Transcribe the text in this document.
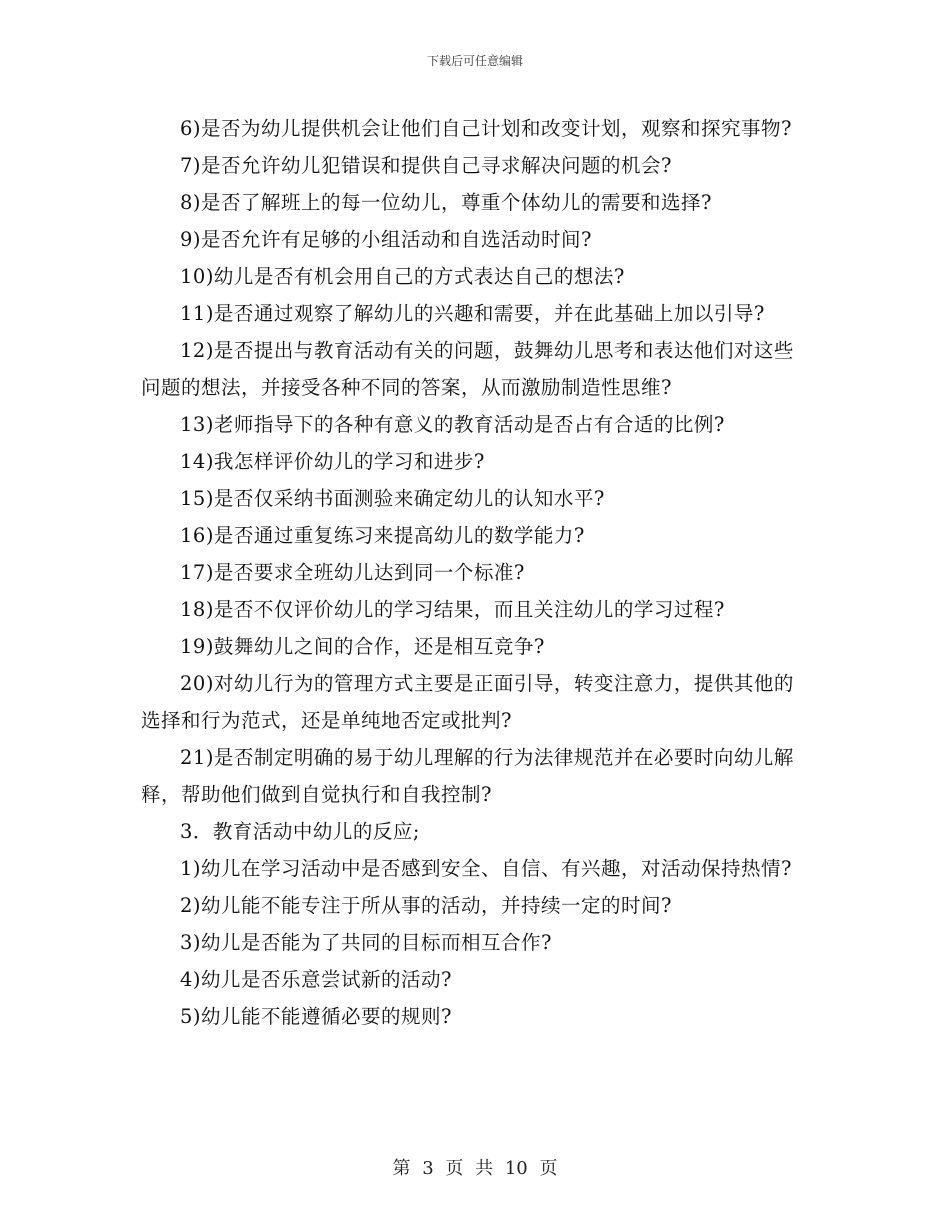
下载后可任意编辑

6)是否为幼儿提供机会让他们自己计划和改变计划，观察和探究事物?

7)是否允许幼儿犯错误和提供自己寻求解决问题的机会?

8)是否了解班上的每一位幼儿，尊重个体幼儿的需要和选择?

9)是否允许有足够的小组活动和自选活动时间?

10)幼儿是否有机会用自己的方式表达自己的想法?

11)是否通过观察了解幼儿的兴趣和需要，并在此基础上加以引导?

12)是否提出与教育活动有关的问题，鼓舞幼儿思考和表达他们对这些问题的想法，并接受各种不同的答案，从而激励制造性思维?

13)老师指导下的各种有意义的教育活动是否占有合适的比例?

14)我怎样评价幼儿的学习和进步?

15)是否仅采纳书面测验来确定幼儿的认知水平?

16)是否通过重复练习来提高幼儿的数学能力?

17)是否要求全班幼儿达到同一个标准?

18)是否不仅评价幼儿的学习结果，而且关注幼儿的学习过程?

19)鼓舞幼儿之间的合作，还是相互竞争?

20)对幼儿行为的管理方式主要是正面引导，转变注意力，提供其他的选择和行为范式，还是单纯地否定或批判?

21)是否制定明确的易于幼儿理解的行为法律规范并在必要时向幼儿解释，帮助他们做到自觉执行和自我控制?

3．教育活动中幼儿的反应;

1)幼儿在学习活动中是否感到安全、自信、有兴趣，对活动保持热情?

2)幼儿能不能专注于所从事的活动，并持续一定的时间?

3)幼儿是否能为了共同的目标而相互合作?

4)幼儿是否乐意尝试新的活动?

5)幼儿能不能遵循必要的规则?

第 3 页 共 10 页
